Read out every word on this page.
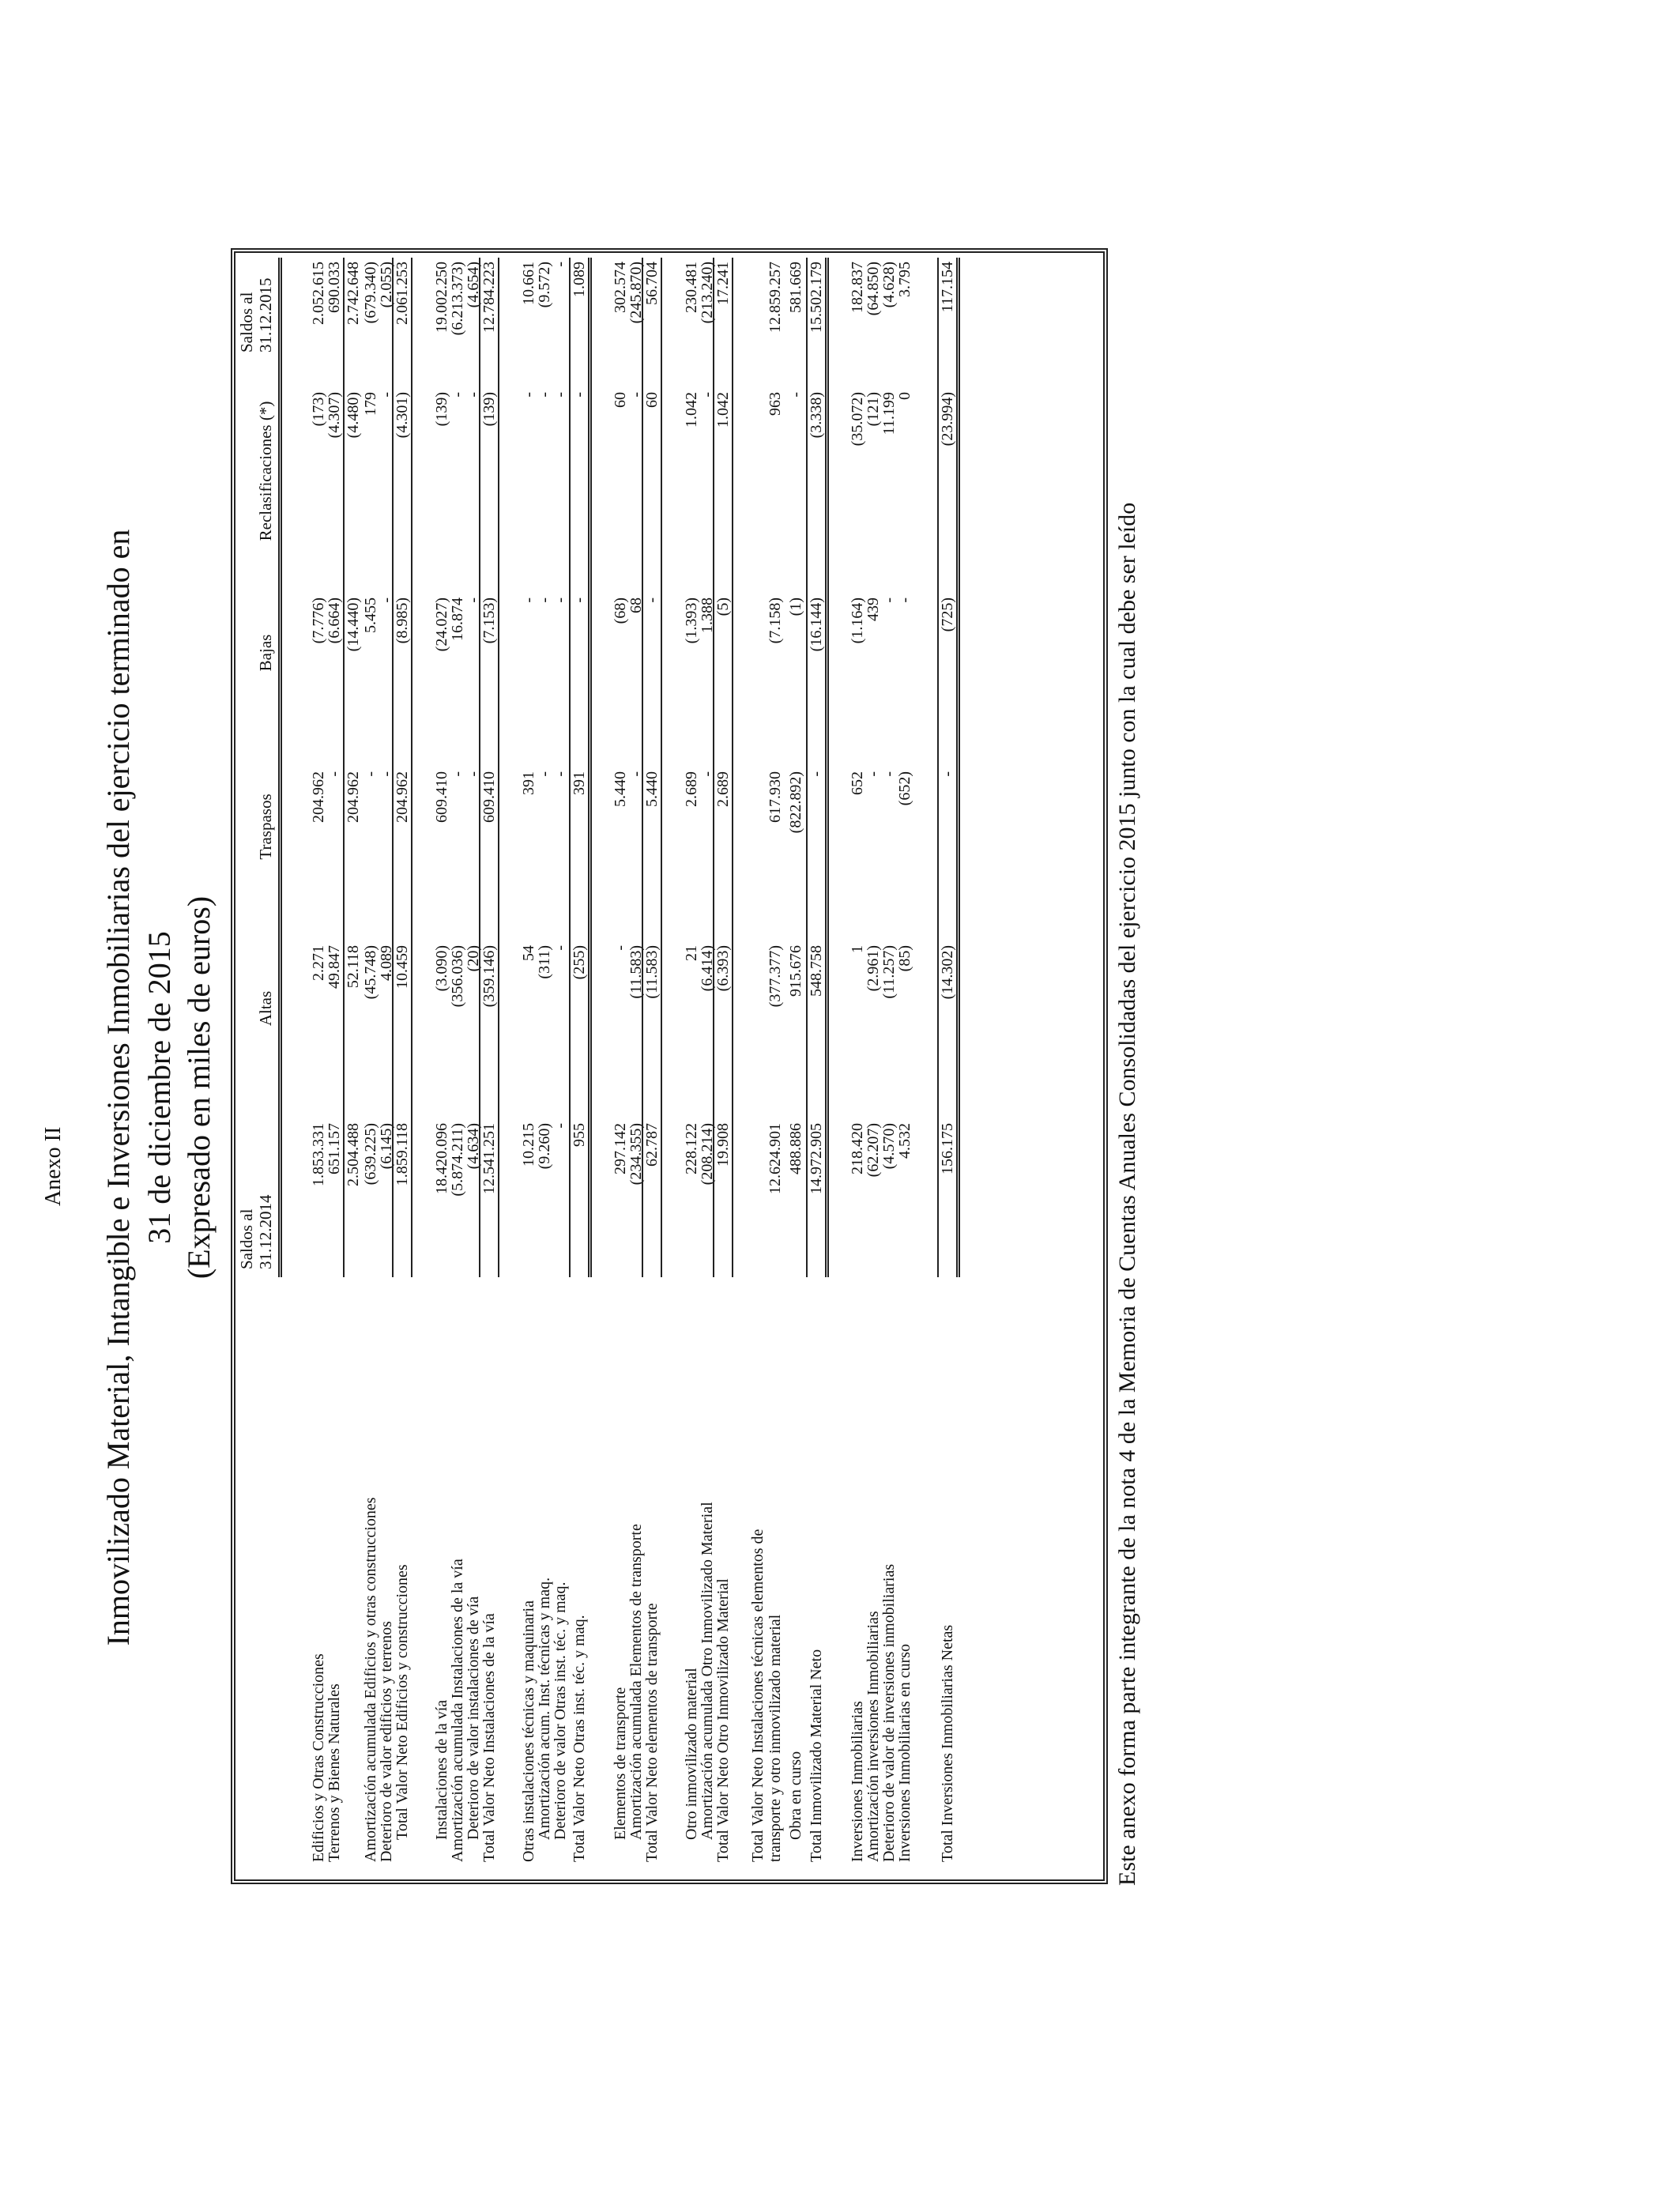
Anexo II Inmovilizado Material, Intangible e Inversiones Inmobiliarias del ejercicio terminado en 31 de diciembre de 2015 (Expresado en miles de euros) Saldos al 31.12.2014
Altas
Traspasos
Bajas
Reclasificaciones (*)
Saldos al 31.12.2015
Edificios y Otras Construcciones
1.853.331
2.271
204.962
(7.776)
(173)
2.052.615
Terrenos y Bienes Naturales
651.157
49.847
-
(6.664)
(4.307)
690.033
2.504.488
52.118
204.962
(14.440)
(4.480)
2.742.648
Amortización acumulada Edificios y otras construcciones
(639.225)
(45.748)
-
5.455
179
(679.340)
Deterioro de valor edificios y terrenos
(6.145)
4.089
-
-
-
(2.055)
Total Valor Neto Edificios y construcciones
1.859.118
10.459
204.962
(8.985)
(4.301)
2.061.253
Instalaciones de la vía
18.420.096
(3.090)
609.410
(24.027)
(139)
19.002.250
Amortización acumulada Instalaciones de la vía
(5.874.211)
(356.036)
-
16.874
-
(6.213.373)
Deterioro de valor instalaciones de vía
(4.634)
(20)
-
-
-
(4.654)
Total Valor Neto Instalaciones de la vía
12.541.251
(359.146)
609.410
(7.153)
(139)
12.784.223
Otras instalaciones técnicas y maquinaria
10.215
54
391
-
-
10.661
Amortización acum. Inst. técnicas y maq.
(9.260)
(311)
-
-
-
(9.572)
Deterioro de valor Otras inst. téc. y maq.
-
-
-
-
-
-
Total Valor Neto Otras inst. téc. y maq.
955
(255)
391
-
-
1.089
Elementos de transporte
297.142
-
5.440
(68)
60
302.574
Amortización acumulada Elementos de transporte
(234.355)
(11.583)
-
68
-
(245.870)
Total Valor Neto elementos de transporte
62.787
(11.583)
5.440
-
60
56.704
Otro inmovilizado material
228.122
21
2.689
(1.393)
1.042
230.481
Amortización acumulada Otro Inmovilizado Material
(208.214)
(6.414)
-
1.388
-
(213.240)
Total Valor Neto Otro Inmovilizado Material
19.908
(6.393)
2.689
(5)
1.042
17.241
Total Valor Neto Instalaciones técnicas elementos de transporte y otro inmovilizado material
12.624.901
(377.377)
617.930
(7.158)
963
12.859.257
Obra en curso
488.886
915.676
(822.892)
(1)
-
581.669
Total Inmovilizado Material Neto
14.972.905
548.758
-
(16.144)
(3.338)
15.502.179
Inversiones Inmobiliarias
218.420
1
652
(1.164)
(35.072)
182.837
Amortización inversiones Inmobiliarias
(62.207)
(2.961)
-
439
(121)
(64.850)
Deterioro de valor de inversiones inmobiliarias
(4.570)
(11.257)
-
-
11.199
(4.628)
Inversiones Inmobiliarias en curso
4.532
(85)
(652)
-
0
3.795
Total Inversiones Inmobiliarias Netas
156.175
(14.302)
-
(725)
(23.994)
117.154
Este anexo forma parte integrante de la nota 4 de la Memoria de Cuentas Anuales Consolidadas del ejercicio 2015 junto con la cual debe ser leído
